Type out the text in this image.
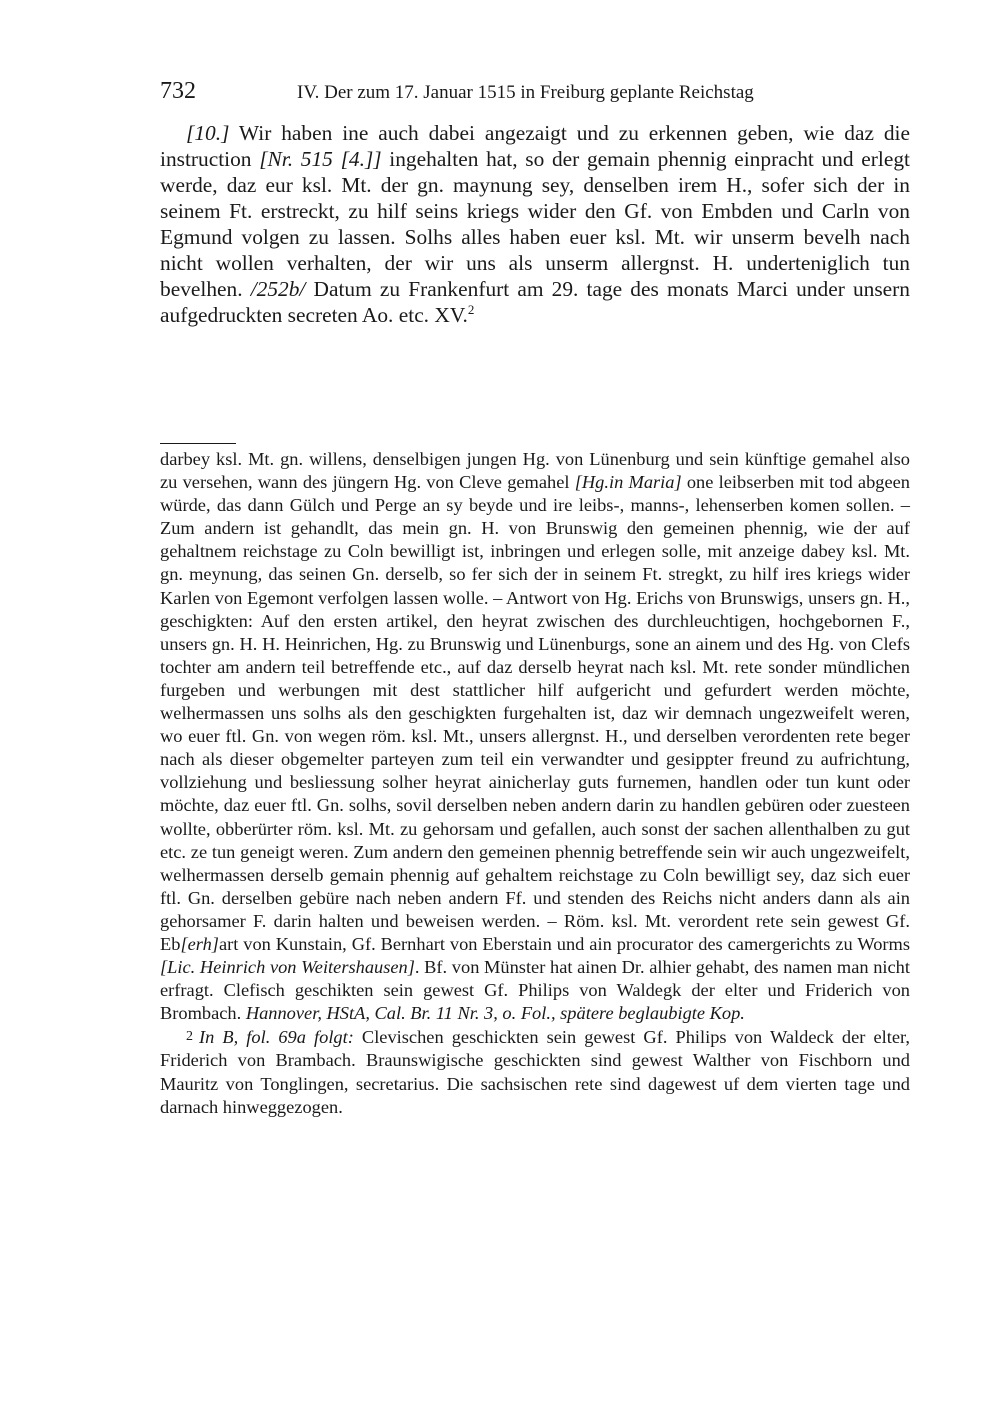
732	IV. Der zum 17. Januar 1515 in Freiburg geplante Reichstag

[10.] Wir haben ine auch dabei angezaigt und zu erkennen geben, wie daz die instruction [Nr. 515 [4.]] ingehalten hat, so der gemain phennig einpracht und erlegt werde, daz eur ksl. Mt. der gn. maynung sey, denselben irem H., sofer sich der in seinem Ft. erstreckt, zu hilf seins kriegs wider den Gf. von Embden und Carln von Egmund volgen zu lassen. Solhs alles haben euer ksl. Mt. wir unserm bevelh nach nicht wollen verhalten, der wir uns als unserm allergnst. H. underteniglich tun bevelhen. /252b/ Datum zu Frankenfurt am 29. tage des monats Marci under unsern aufgedruckten secreten Ao. etc. XV.$^2$

darbey ksl. Mt. gn. willens, denselbigen jungen Hg. von Lünenburg und sein künftige gemahel also zu versehen, wann des jüngern Hg. von Cleve gemahel [Hg.in Maria] one leibserben mit tod abgeen würde, das dann Gülch und Perge an sy beyde und ire leibs-, manns-, lehenserben komen sollen. – Zum andern ist gehandlt, das mein gn. H. von Brunswig den gemeinen phennig, wie der auf gehaltnem reichstage zu Coln bewilligt ist, inbringen und erlegen solle, mit anzeige dabey ksl. Mt. gn. meynung, das seinen Gn. derselb, so fer sich der in seinem Ft. stregkt, zu hilf ires kriegs wider Karlen von Egemont verfolgen lassen wolle. – Antwort von Hg. Erichs von Brunswigs, unsers gn. H., geschigkten: Auf den ersten artikel, den heyrat zwischen des durchleuchtigen, hochgebornen F., unsers gn. H. H. Heinrichen, Hg. zu Brunswig und Lünenburgs, sone an ainem und des Hg. von Clefs tochter am andern teil betreffende etc., auf daz derselb heyrat nach ksl. Mt. rete sonder mündlichen furgeben und werbungen mit dest stattlicher hilf aufgericht und gefurdert werden möchte, welhermassen uns solhs als den geschigkten furgehalten ist, daz wir demnach ungezweifelt weren, wo euer ftl. Gn. von wegen röm. ksl. Mt., unsers allergnst. H., und derselben verordenten rete beger nach als dieser obgemelter parteyen zum teil ein verwandter und gesippter freund zu aufrichtung, vollziehung und besliessung solher heyrat ainicherlay guts furnemen, handlen oder tun kunt oder möchte, daz euer ftl. Gn. solhs, sovil derselben neben andern darin zu handlen gebüren oder zuesteen wollte, obberürter röm. ksl. Mt. zu gehorsam und gefallen, auch sonst der sachen allenthalben zu gut etc. ze tun geneigt weren. Zum andern den gemeinen phennig betreffende sein wir auch ungezweifelt, welhermassen derselb gemain phennig auf gehaltem reichstage zu Coln bewilligt sey, daz sich euer ftl. Gn. derselben gebüre nach neben andern Ff. und stenden des Reichs nicht anders dann als ain gehorsamer F. darin halten und beweisen werden. – Röm. ksl. Mt. verordent rete sein gewest Gf. Eb[erh]art von Kunstain, Gf. Bernhart von Eberstain und ain procurator des camergerichts zu Worms [Lic. Heinrich von Weitershausen]. Bf. von Münster hat ainen Dr. alhier gehabt, des namen man nicht erfragt. Clefisch geschikten sein gewest Gf. Philips von Waldegk der elter und Friderich von Brombach. Hannover, HStA, Cal. Br. 11 Nr. 3, o. Fol., spätere beglaubigte Kop.

2 In B, fol. 69a folgt: Clevischen geschickten sein gewest Gf. Philips von Waldeck der elter, Friderich von Brambach. Braunswigische geschickten sind gewest Walther von Fischborn und Mauritz von Tonglingen, secretarius. Die sachsischen rete sind dagewest uf dem vierten tage und darnach hinweggezogen.
